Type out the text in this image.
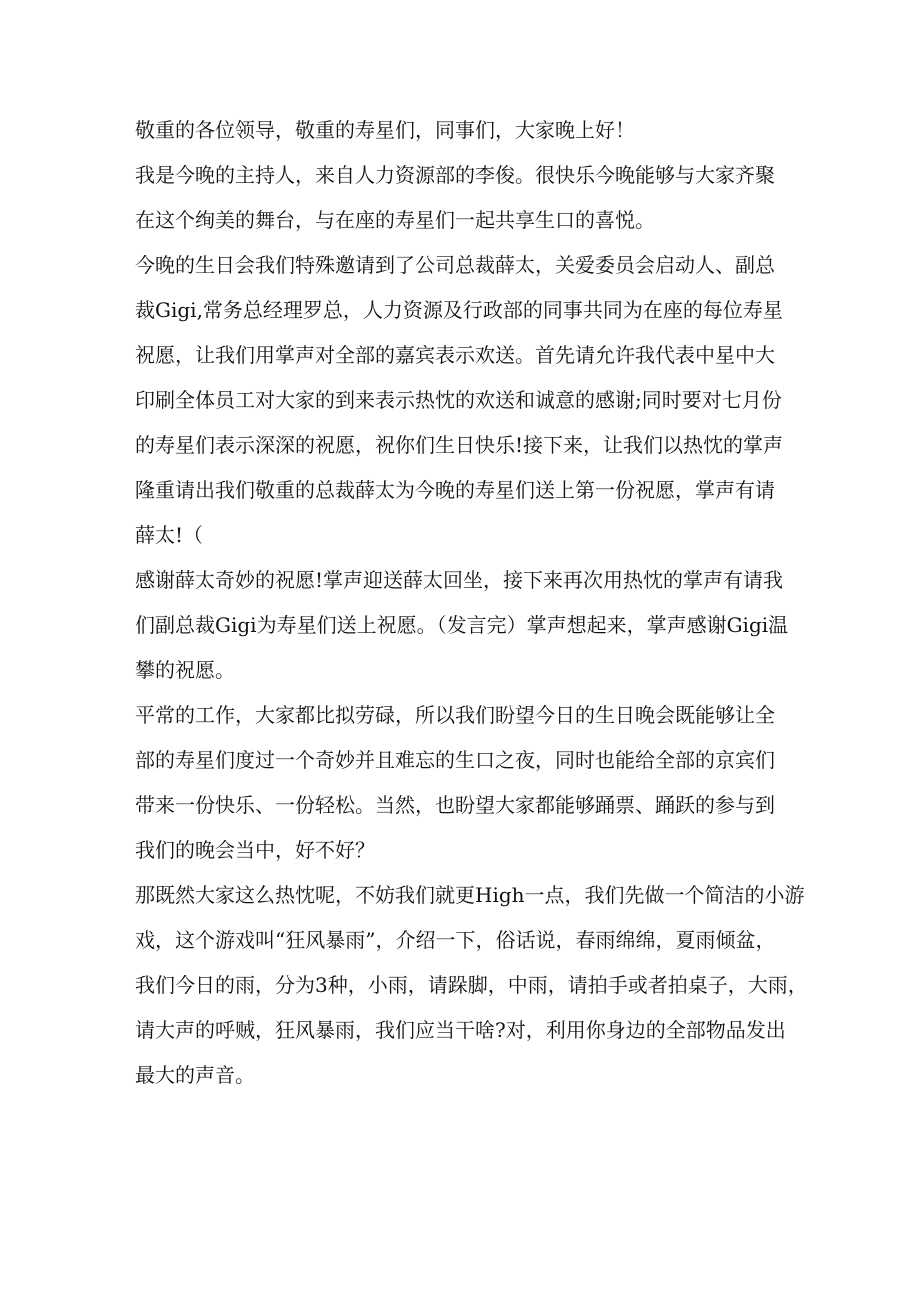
敬重的各位领导，敬重的寿星们，同事们，大家晚上好！

我是今晚的主持人，来自人力资源部的李俊。很快乐今晚能够与大家齐聚
在这个绚美的舞台，与在座的寿星们一起共享生口的喜悦。

今晚的生日会我们特殊邀请到了公司总裁薛太，关爱委员会启动人、副总
裁Gigi,常务总经理罗总，人力资源及行政部的同事共同为在座的每位寿星
祝愿，让我们用掌声对全部的嘉宾表示欢送。首先请允许我代表中星中大
印刷全体员工对大家的到来表示热忱的欢送和诚意的感谢;同时要对七月份
的寿星们表示深深的祝愿，祝你们生日快乐!接下来，让我们以热忱的掌声
隆重请出我们敬重的总裁薛太为今晚的寿星们送上第一份祝愿，掌声有请
薛太!（

感谢薛太奇妙的祝愿!掌声迎送薛太回坐，接下来再次用热忱的掌声有请我
们副总裁Gigi为寿星们送上祝愿。（发言完）掌声想起来，掌声感谢Gigi温
攀的祝愿。

平常的工作，大家都比拟劳碌，所以我们盼望今日的生日晚会既能够让全
部的寿星们度过一个奇妙并且难忘的生口之夜，同时也能给全部的京宾们
带来一份快乐、一份轻松。当然，也盼望大家都能够踊票、踊跃的参与到
我们的晚会当中，好不好？

那既然大家这么热忱呢，不妨我们就更High一点，我们先做一个简洁的小游
戏，这个游戏叫“狂风暴雨”，介绍一下，俗话说，春雨绵绵，夏雨倾盆，
我们今日的雨，分为3种，小雨，请跺脚，中雨，请拍手或者拍桌子，大雨，
请大声的呼贼，狂风暴雨，我们应当干啥?对，利用你身边的全部物品发出
最大的声音。
